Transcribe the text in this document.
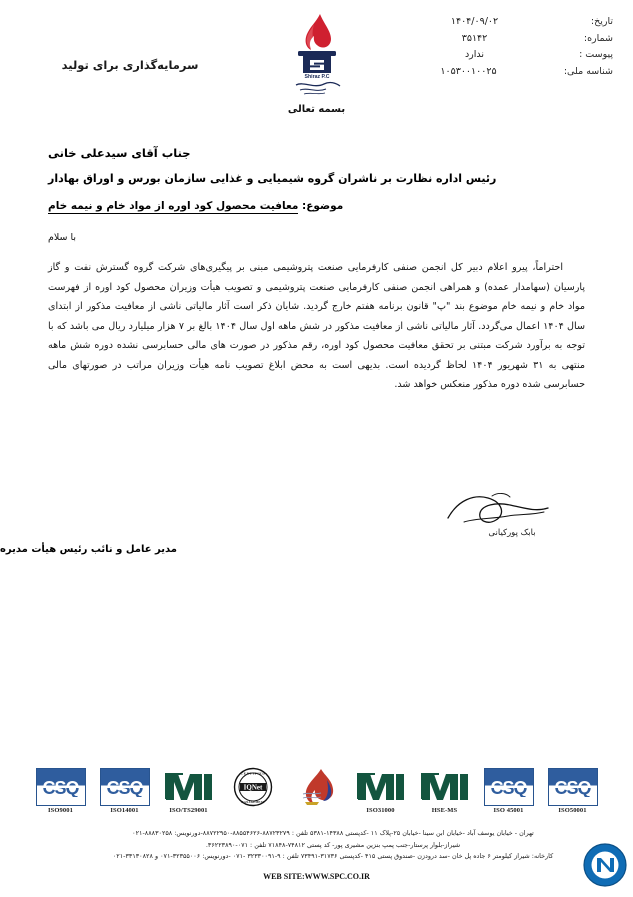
سرمایه‌گذاری برای تولید
Shiraz P.C
تاریخ:
۱۴۰۴/۰۹/۰۲
شماره:
۳۵۱۴۲
پیوست :
ندارد
شناسه ملی:
۱۰۵۳۰۰۱۰۰۲۵
بسمه تعالی
جناب آقای سیدعلی خانی
رئیس اداره نظارت بر ناشران گروه شیمیایی و غذایی سازمان بورس و اوراق بهادار
موضوع: معافیت محصول کود اوره از مواد خام و نیمه خام
با سلام
احتراماً، پیرو اعلام دبیر کل انجمن صنفی کارفرمایی صنعت پتروشیمی مبنی بر پیگیری‌های شرکت گروه گسترش نفت و گاز پارسیان (سهامدار عمده) و همراهی انجمن صنفی کارفرمایی صنعت پتروشیمی و تصویب هیأت وزیران محصول کود اوره از فهرست مواد خام و نیمه خام موضوع بند "پ" قانون برنامه هفتم خارج گردید. شایان ذکر است آثار مالیاتی ناشی از معافیت مذکور از ابتدای سال ۱۴۰۴ اعمال می‌گردد. آثار مالیاتی ناشی از معافیت مذکور در شش ماهه اول سال ۱۴۰۴ بالغ بر ۷ هزار میلیارد ریال می باشد که با توجه به برآورد شرکت مبتنی بر تحقق معافیت محصول کود اوره، رقم مذکور در صورت های مالی حسابرسی نشده دوره شش ماهه منتهی به ۳۱ شهریور ۱۴۰۴ لحاظ گردیده است. بدیهی است به محض ابلاغ تصویب نامه هیأت وزیران مراتب در صورتهای مالی حسابرسی شده دوره مذکور منعکس خواهد شد.
بابک پورکیانی
مدیر عامل و نائب رئیس هیأت مدیره
CSQ
ISO9001
CSQ
ISO14001	ISO/TS29001
IQNet
CERTIFIED
MANAGEMENT
ISO31000	HSE-MS
CSQ
ISO 45001
CSQ
ISO50001
تهران - خیابان یوسف آباد -خیابان ابن سینا -خیابان ۲۵-پلاک ۱۱ -کدپستی ۱۴۳۸۸-۵۳۸۱ تلفن : ۸۸۷۲۳۲۷۹-۸۸۵۵۴۶۲۶-۸۸۷۲۲۹۵۰-دورنویس: ۸۸۸۳۰۲۵۸-۰۲۱
شیراز-بلوار پرستار-جنب پمپ بنزین مشیری پور- کد پستی ۷۴۸۱۲-۷۱۸۴۸ تلفن : ۰۷۱-۳۶۲۲۳۸۹۰.
کارخانه: شیراز کیلومتر ۶ جاده پل خان -سد درودزن -صندوق پستی ۴۱۵ -کدپستی ۳۱۷۳۶-۷۳۴۹۱ تلفن : ۹-۳۲۳۳۰۰۹۱ -۰۷۱ -دورنویس: ۳۲۳۵۵۰۰۶-۰۷۱ و ۳۳۱۳۰۸۲۸-۰۲۱
WEB SITE:WWW.SPC.CO.IR
